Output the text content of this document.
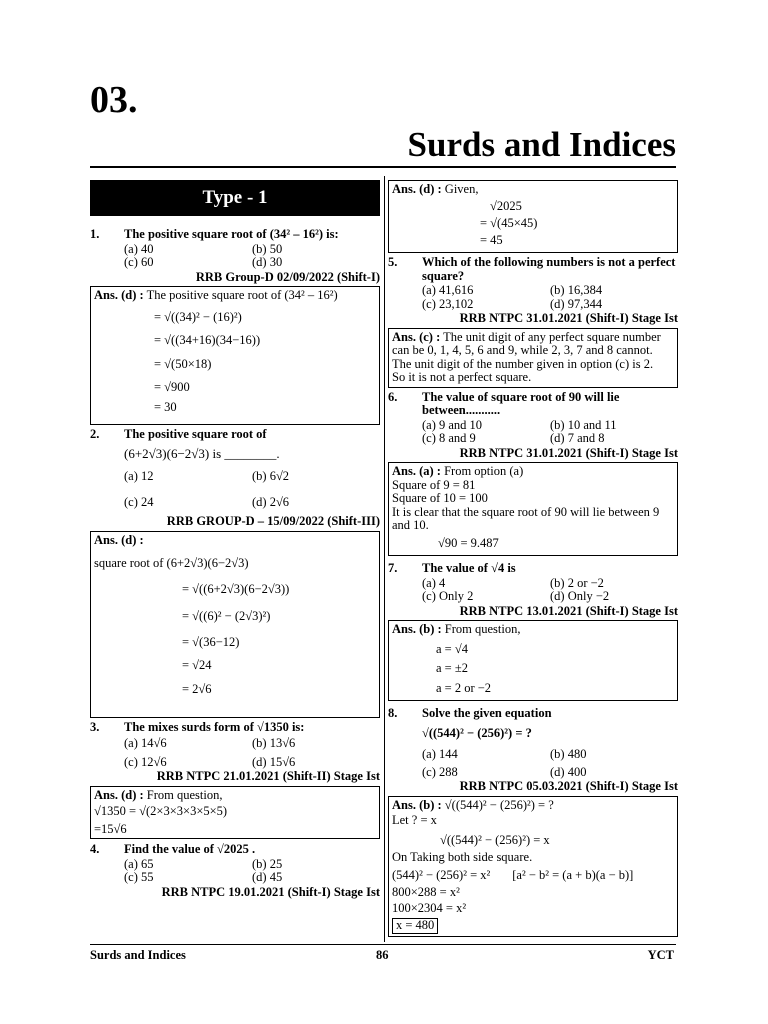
03.
Surds and Indices
Type - 1
1.	The positive square root of (34² – 16²) is:
(a) 40	(b) 50
(c) 60	(d) 30
RRB Group-D 02/09/2022 (Shift-I)
Ans. (d) : The positive square root of (34² – 16²)
= √((34)² − (16)²)
= √((34+16)(34−16))
= √(50×18)
= √900
= 30
2.	The positive square root of
(6+2√3)(6−2√3) is ________.
(a) 12	(b) 6√2
(c) 24	(d) 2√6
RRB GROUP-D – 15/09/2022 (Shift-III)
Ans. (d) :
square root of (6+2√3)(6−2√3)
= √((6+2√3)(6−2√3))
= √((6)² − (2√3)²)
= √(36−12)
= √24
= 2√6
3.	The mixes surds form of √1350 is:
(a) 14√6	(b) 13√6
(c) 12√6	(d) 15√6
RRB NTPC 21.01.2021 (Shift-II) Stage Ist
Ans. (d) : From question,
√1350 = √(2×3×3×3×5×5)
=15√6
4.	Find the value of √2025 .
(a) 65	(b) 25
(c) 55	(d) 45
RRB NTPC 19.01.2021 (Shift-I) Stage Ist
Ans. (d) : Given,
√2025
= √(45×45)
= 45
5.	Which of the following numbers is not a perfect square?
(a) 41,616	(b) 16,384
(c) 23,102	(d) 97,344
RRB NTPC 31.01.2021 (Shift-I) Stage Ist
Ans. (c) : The unit digit of any perfect square number can be 0, 1, 4, 5, 6 and 9, while 2, 3, 7 and 8 cannot.
The unit digit of the number given in option (c) is 2.
So it is not a perfect square.
6.	The value of square root of 90 will lie between...........
(a) 9 and 10	(b) 10 and 11
(c) 8 and 9	(d) 7 and 8
RRB NTPC 31.01.2021 (Shift-I) Stage Ist
Ans. (a) : From option (a)
Square of 9 = 81
Square of 10 = 100
It is clear that the square root of 90 will lie between 9 and 10.
√90 = 9.487
7.	The value of √4 is
(a) 4	(b) 2 or −2
(c) Only 2	(d) Only −2
RRB NTPC 13.01.2021 (Shift-I) Stage Ist
Ans. (b) : From question,
a = √4
a = ±2
a = 2 or −2
8.	Solve the given equation
√((544)² − (256)²) = ?
(a) 144	(b) 480
(c) 288	(d) 400
RRB NTPC 05.03.2021 (Shift-I) Stage Ist
Ans. (b) : √((544)² − (256)²) = ?
Let ? = x
√((544)² − (256)²) = x
On Taking both side square.
(544)² − (256)² = x² [a² − b² = (a + b)(a − b)]
800×288 = x²
100×2304 = x²
x = 480
Surds and Indices	86	YCT
